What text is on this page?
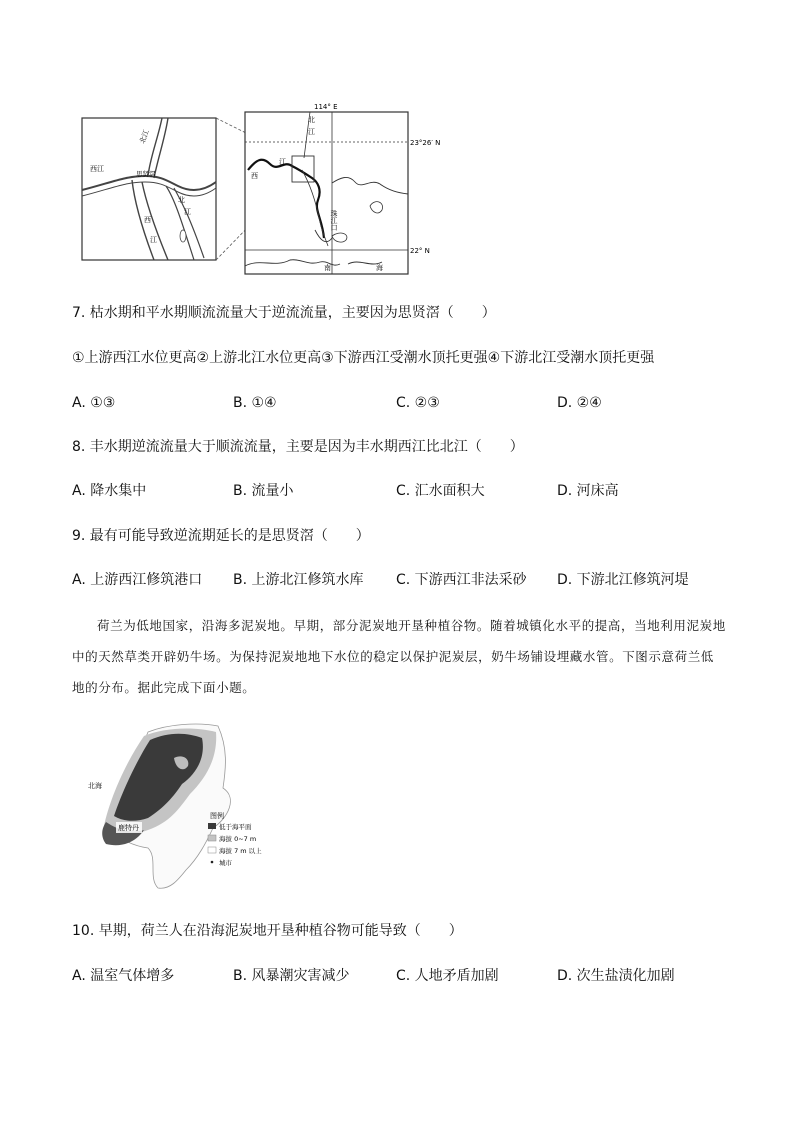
西江
北江
思贤滘
北
江
西
江
114° E
23°26′ N
22° N
北
江
西
江
珠江口
南	海
7. 枯水期和平水期顺流流量大于逆流流量，主要因为思贤滘（　　）
①上游西江水位更高②上游北江水位更高③下游西江受潮水顶托更强④下游北江受潮水顶托更强
A. ①③	B. ①④	C. ②③	D. ②④
8. 丰水期逆流流量大于顺流流量，主要是因为丰水期西江比北江（　　）
A. 降水集中	B. 流量小	C. 汇水面积大	D. 河床高
9. 最有可能导致逆流期延长的是思贤滘（　　）
A. 上游西江修筑港口 B. 上游北江修筑水库 C. 下游西江非法采砂 D. 下游北江修筑河堤

荷兰为低地国家，沿海多泥炭地。早期，部分泥炭地开垦种植谷物。随着城镇化水平的提高，当地利用泥炭地中的天然草类开辟奶牛场。为保持泥炭地地下水位的稳定以保护泥炭层，奶牛场铺设埋藏水管。下图示意荷兰低地的分布。据此完成下面小题。

北海
鹿特丹
图例
低于海平面
海拔 0~7 m
海拔 7 m 以上
城市
10. 早期，荷兰人在沿海泥炭地开垦种植谷物可能导致（　　）
A. 温室气体增多	B. 风暴潮灾害减少	C. 人地矛盾加剧	D. 次生盐渍化加剧
